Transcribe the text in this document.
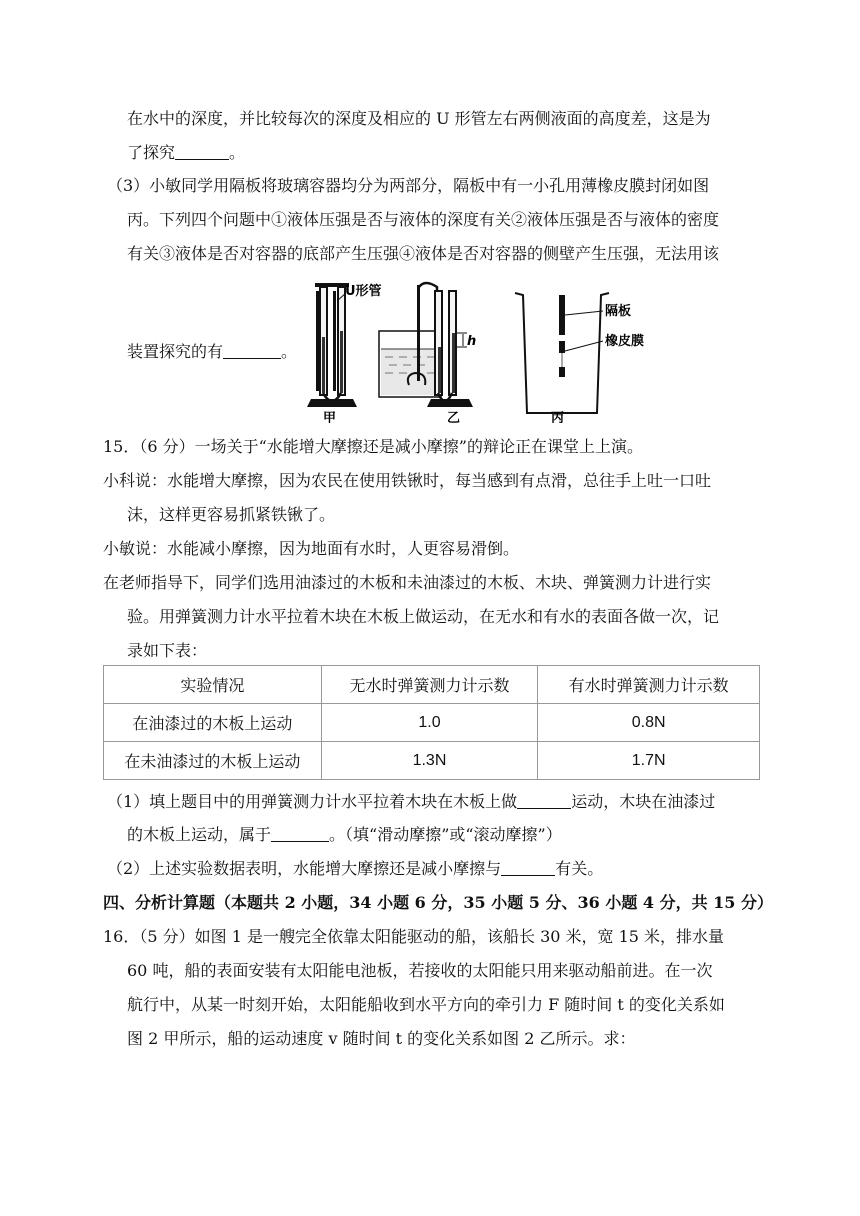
在水中的深度，并比较每次的深度及相应的 U 形管左右两侧液面的高度差，这是为
了探究	。
（3）小敏同学用隔板将玻璃容器均分为两部分，隔板中有一小孔用薄橡皮膜封闭如图
丙。下列四个问题中①液体压强是否与液体的深度有关②液体压强是否与液体的密度
有关③液体是否对容器的底部产生压强④液体是否对容器的侧壁产生压强，无法用该
装置探究的有	。
U形管
h
隔板
橡皮膜
甲	乙	丙
15．（6 分）一场关于“水能增大摩擦还是减小摩擦”的辩论正在课堂上上演。
小科说：水能增大摩擦，因为农民在使用铁锹时，每当感到有点滑，总往手上吐一口吐
沫，这样更容易抓紧铁锹了。
小敏说：水能减小摩擦，因为地面有水时，人更容易滑倒。
在老师指导下，同学们选用油漆过的木板和未油漆过的木板、木块、弹簧测力计进行实
验。用弹簧测力计水平拉着木块在木板上做运动，在无水和有水的表面各做一次，记
录如下表：
实验情况	无水时弹簧测力计示数	有水时弹簧测力计示数
在油漆过的木板上运动	1.0	0.8N
在未油漆过的木板上运动	1.3N	1.7N
（1）填上题目中的用弹簧测力计水平拉着木块在木板上做	运动，木块在油漆过
的木板上运动，属于	。（填“滑动摩擦”或“滚动摩擦”）
（2）上述实验数据表明，水能增大摩擦还是减小摩擦与	有关。
四、分析计算题（本题共 2 小题，34 小题 6 分，35 小题 5 分、36 小题 4 分，共 15 分）
16．（5 分）如图 1 是一艘完全依靠太阳能驱动的船，该船长 30 米，宽 15 米，排水量
60 吨，船的表面安装有太阳能电池板，若接收的太阳能只用来驱动船前进。在一次
航行中，从某一时刻开始，太阳能船收到水平方向的牵引力 F 随时间 t 的变化关系如
图 2 甲所示，船的运动速度 v 随时间 t 的变化关系如图 2 乙所示。求：
